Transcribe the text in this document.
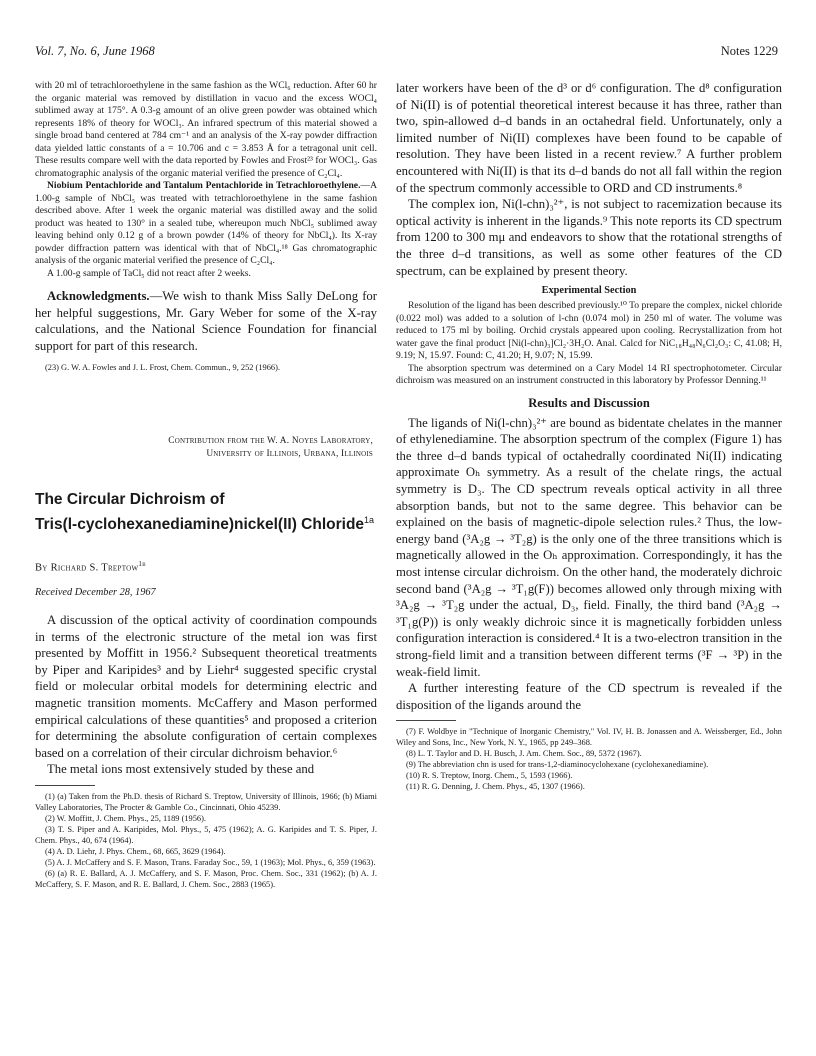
Vol. 7, No. 6, June 1968	Notes 1229

with 20 ml of tetrachloroethylene in the same fashion as the WCl₆ reduction. After 60 hr the organic material was removed by distillation in vacuo and the excess WOCl₄ sublimed away at 175°. A 0.3-g amount of an olive green powder was obtained which represents 18% of theory for WOCl₃. An infrared spectrum of this material showed a single broad band centered at 784 cm⁻¹ and an analysis of the X-ray powder diffraction data yielded lattic constants of a = 10.706 and c = 3.853 Å for a tetragonal unit cell. These results compare well with the data reported by Fowles and Frost²³ for WOCl₃. Gas chromatographic analysis of the organic material verified the presence of C₂Cl₄.

Niobium Pentachloride and Tantalum Pentachloride in Tetrachloroethylene.—A 1.00-g sample of NbCl₅ was treated with tetrachloroethylene in the same fashion described above. After 1 week the organic material was distilled away and the solid product was heated to 130° in a sealed tube, whereupon much NbCl₅ sublimed away leaving behind only 0.12 g of a brown powder (14% of theory for NbCl₄). Its X-ray powder diffraction pattern was identical with that of NbCl₄.¹⁸ Gas chromatographic analysis of the organic material verified the presence of C₂Cl₄.

A 1.00-g sample of TaCl₅ did not react after 2 weeks.

Acknowledgments.—We wish to thank Miss Sally DeLong for her helpful suggestions, Mr. Gary Weber for some of the X-ray calculations, and the National Science Foundation for financial support for part of this research.

(23) G. W. A. Fowles and J. L. Frost, Chem. Commun., 9, 252 (1966).

Contribution from the W. A. Noyes Laboratory,
University of Illinois, Urbana, Illinois
The Circular Dichroism of
Tris(l-cyclohexanediamine)nickel(II) Chloride$^{1a}$
By Richard S. Treptow$^{1b}$
Received December 28, 1967

A discussion of the optical activity of coordination compounds in terms of the electronic structure of the metal ion was first presented by Moffitt in 1956.² Subsequent theoretical treatments by Piper and Karipides³ and by Liehr⁴ suggested specific crystal field or molecular orbital models for determining electric and magnetic transition moments. McCaffery and Mason performed empirical calculations of these quantities⁵ and proposed a criterion for determining the absolute configuration of certain complexes based on a correlation of their circular dichroism behavior.⁶

The metal ions most extensively studed by these and

(1) (a) Taken from the Ph.D. thesis of Richard S. Treptow, University of Illinois, 1966; (b) Miami Valley Laboratories, The Procter & Gamble Co., Cincinnati, Ohio 45239.

(2) W. Moffitt, J. Chem. Phys., 25, 1189 (1956).

(3) T. S. Piper and A. Karipides, Mol. Phys., 5, 475 (1962); A. G. Karipides and T. S. Piper, J. Chem. Phys., 40, 674 (1964).

(4) A. D. Liehr, J. Phys. Chem., 68, 665, 3629 (1964).

(5) A. J. McCaffery and S. F. Mason, Trans. Faraday Soc., 59, 1 (1963); Mol. Phys., 6, 359 (1963).

(6) (a) R. E. Ballard, A. J. McCaffery, and S. F. Mason, Proc. Chem. Soc., 331 (1962); (b) A. J. McCaffery, S. F. Mason, and R. E. Ballard, J. Chem. Soc., 2883 (1965).

later workers have been of the d³ or d⁶ configuration. The d⁸ configuration of Ni(II) is of potential theoretical interest because it has three, rather than two, spin-allowed d–d bands in an octahedral field. Unfortunately, only a limited number of Ni(II) complexes have been found to be capable of resolution. They have been listed in a recent review.⁷ A further problem encountered with Ni(II) is that its d–d bands do not all fall within the region of the spectrum commonly accessible to ORD and CD instruments.⁸

The complex ion, Ni(l-chn)₃²⁺, is not subject to racemization because its optical activity is inherent in the ligands.⁹ This note reports its CD spectrum from 1200 to 300 mμ and endeavors to show that the rotational strengths of the three d–d transitions, as well as some other features of the CD spectrum, can be explained by present theory.

Experimental Section

Resolution of the ligand has been described previously.¹⁰ To prepare the complex, nickel chloride (0.022 mol) was added to a solution of l-chn (0.074 mol) in 250 ml of water. The volume was reduced to 175 ml by boiling. Orchid crystals appeared upon cooling. Recrystallization from hot water gave the final product [Ni(l-chn)₃]Cl₂·3H₂O. Anal. Calcd for NiC₁₈H₄₈N₆Cl₂O₃: C, 41.08; H, 9.19; N, 15.97. Found: C, 41.20; H, 9.07; N, 15.99.

The absorption spectrum was determined on a Cary Model 14 RI spectrophotometer. Circular dichroism was measured on an instrument constructed in this laboratory by Professor Denning.¹¹

Results and Discussion

The ligands of Ni(l-chn)₃²⁺ are bound as bidentate chelates in the manner of ethylenediamine. The absorption spectrum of the complex (Figure 1) has the three d–d bands typical of octahedrally coordinated Ni(II) indicating approximate Oₕ symmetry. As a result of the chelate rings, the actual symmetry is D₃. The CD spectrum reveals optical activity in all three absorption bands, but not to the same degree. This behavior can be explained on the basis of magnetic-dipole selection rules.² Thus, the low-energy band (³A₂g → ³T₂g) is the only one of the three transitions which is magnetically allowed in the Oₕ approximation. Correspondingly, it has the most intense circular dichroism. On the other hand, the moderately dichroic second band (³A₂g → ³T₁g(F)) becomes allowed only through mixing with ³A₂g → ³T₂g under the actual, D₃, field. Finally, the third band (³A₂g → ³T₁g(P)) is only weakly dichroic since it is magnetically forbidden unless configuration interaction is considered.⁴ It is a two-electron transition in the strong-field limit and a transition between different terms (³F → ³P) in the weak-field limit.

A further interesting feature of the CD spectrum is revealed if the disposition of the ligands around the

(7) F. Woldbye in "Technique of Inorganic Chemistry," Vol. IV, H. B. Jonassen and A. Weissberger, Ed., John Wiley and Sons, Inc., New York, N. Y., 1965, pp 249–368.

(8) L. T. Taylor and D. H. Busch, J. Am. Chem. Soc., 89, 5372 (1967).

(9) The abbreviation chn is used for trans-1,2-diaminocyclohexane (cyclohexanediamine).

(10) R. S. Treptow, Inorg. Chem., 5, 1593 (1966).

(11) R. G. Denning, J. Chem. Phys., 45, 1307 (1966).
